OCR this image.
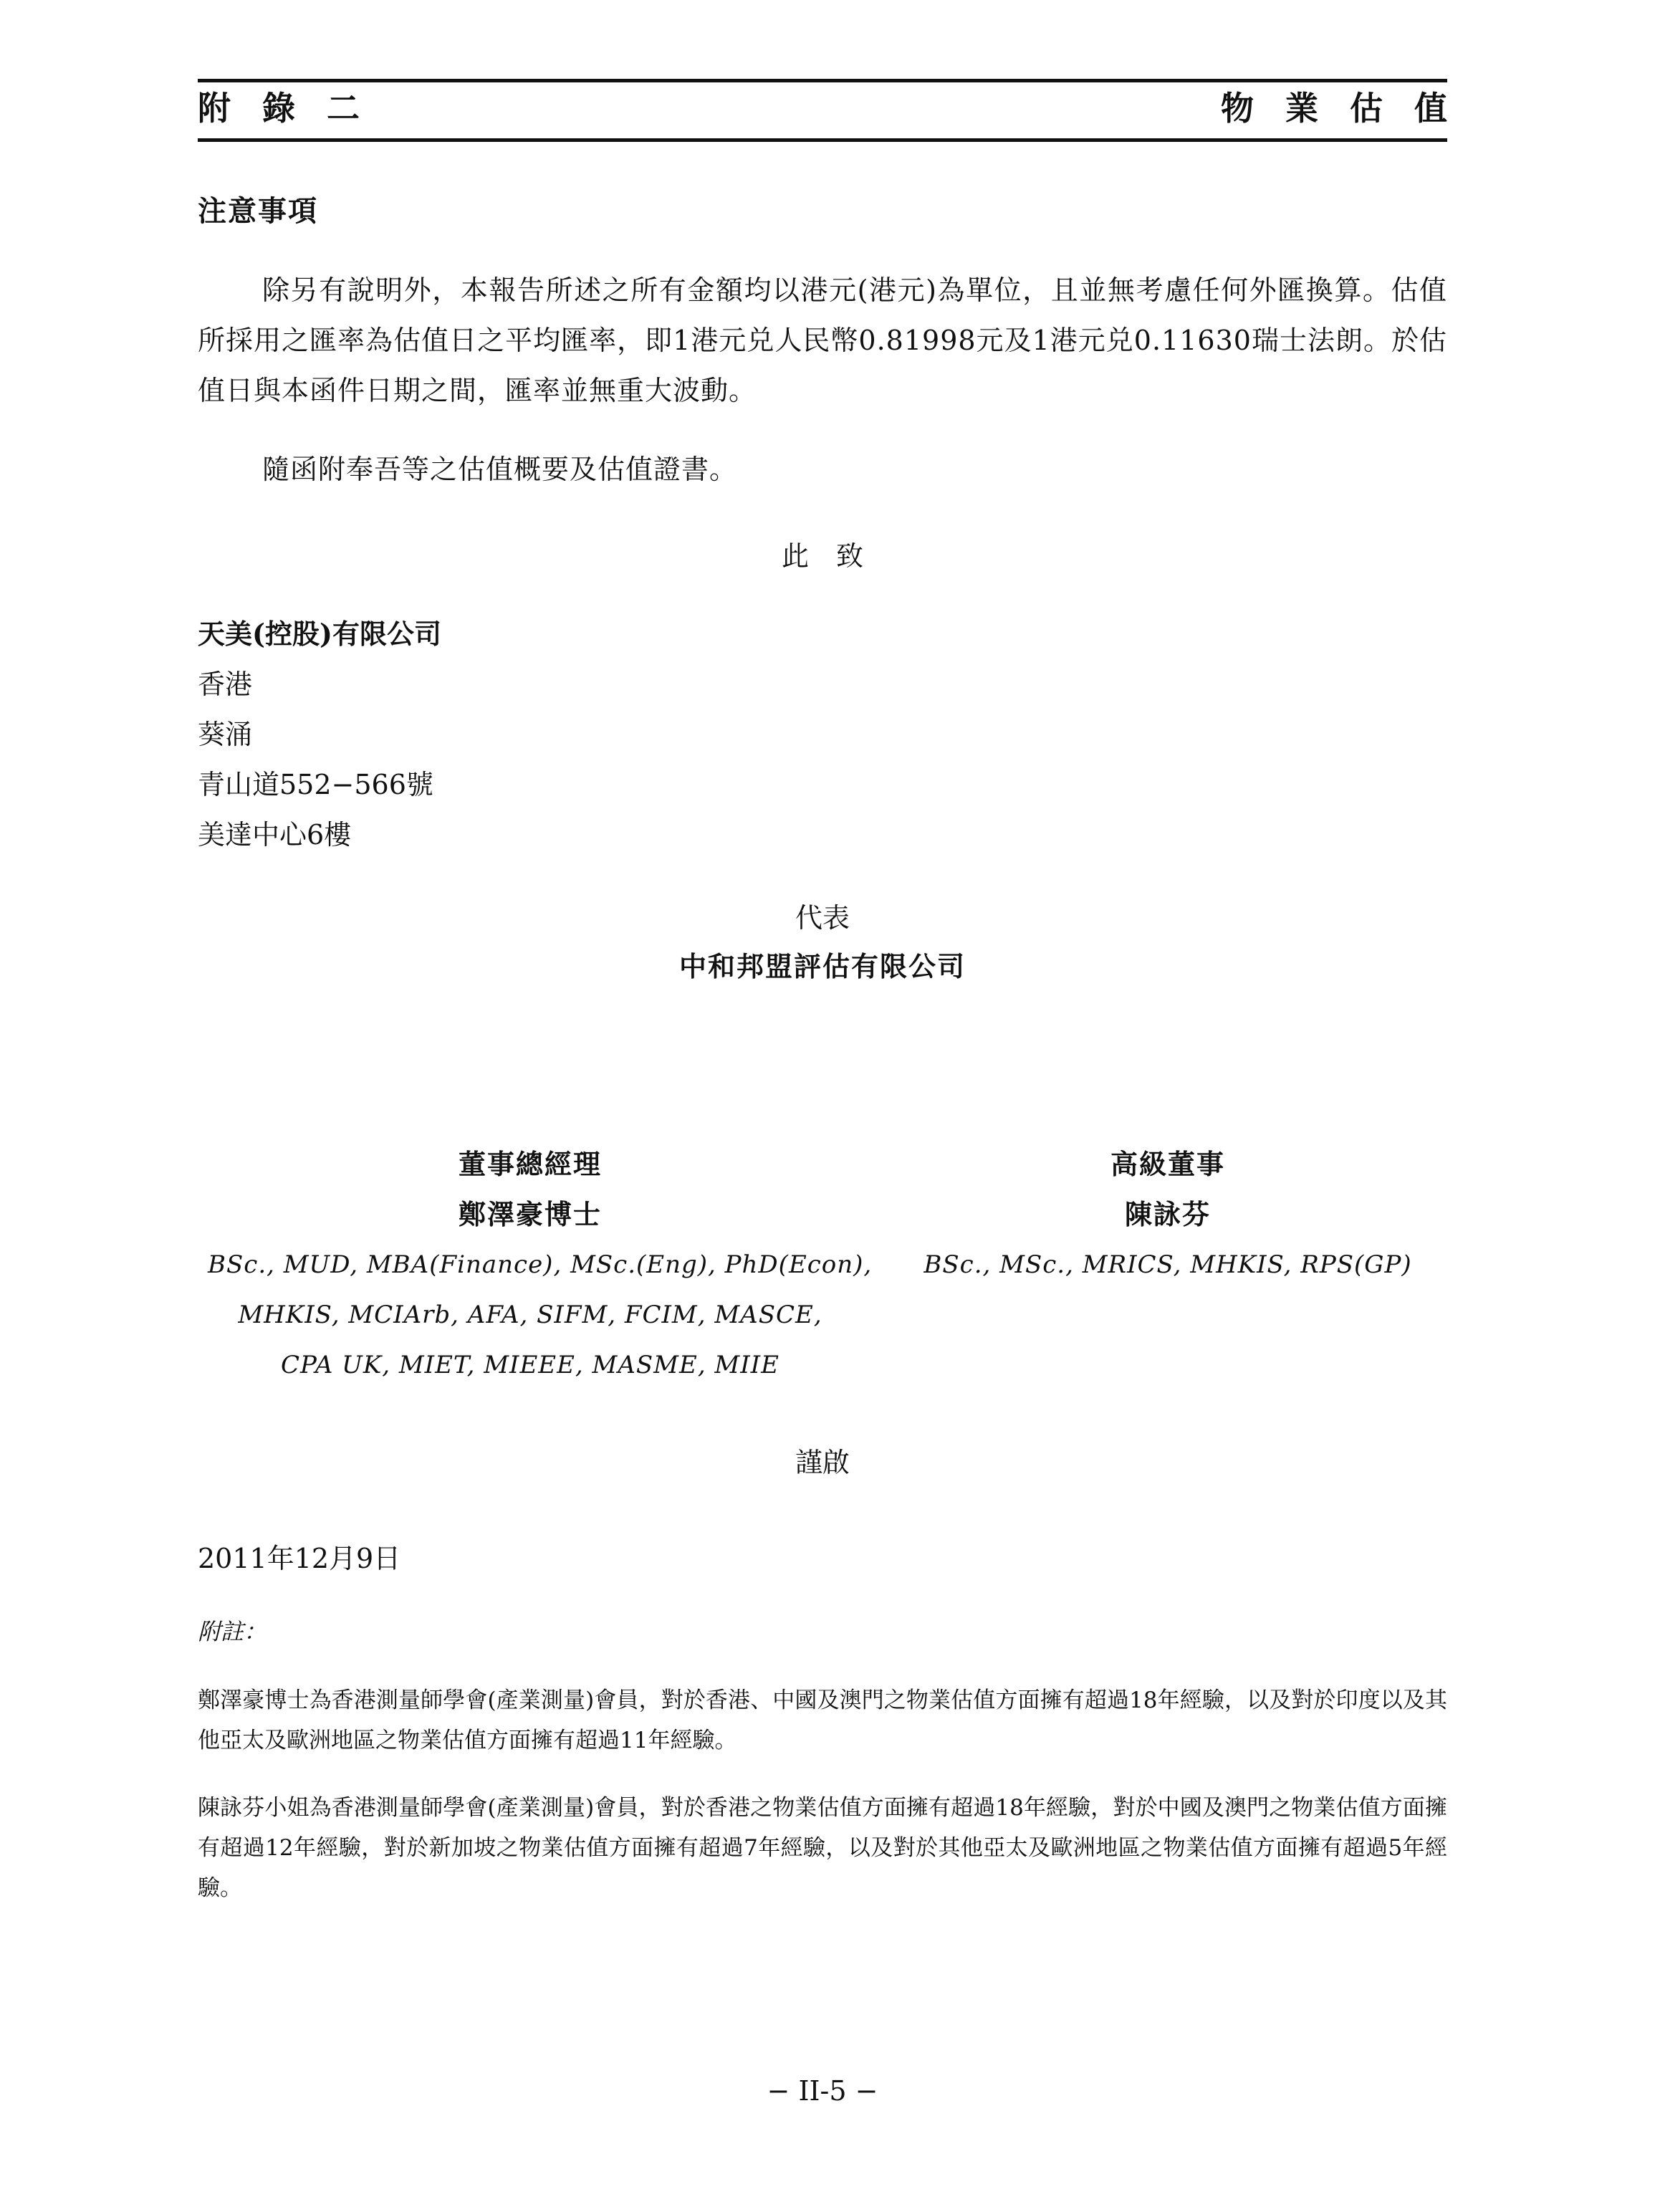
附 錄 二	物 業 估 值
注意事項
除另有說明外，本報告所述之所有金額均以港元(港元)為單位，且並無考慮任何外匯換算。估值所採用之匯率為估值日之平均匯率，即1港元兑人民幣0.81998元及1港元兑0.11630瑞士法朗。於估值日與本函件日期之間，匯率並無重大波動。
隨函附奉吾等之估值概要及估值證書。
此　致
天美(控股)有限公司
香港
葵涌
青山道552−566號
美達中心6樓
代表
中和邦盟評估有限公司
董事總經理
鄭澤豪博士
BSc., MUD, MBA(Finance), MSc.(Eng), PhD(Econ),
MHKIS, MCIArb, AFA, SIFM, FCIM, MASCE,
CPA UK, MIET, MIEEE, MASME, MIIE
高級董事
陳詠芬
BSc., MSc., MRICS, MHKIS, RPS(GP)
謹啟
2011年12月9日
附註：
鄭澤豪博士為香港測量師學會(產業測量)會員，對於香港、中國及澳門之物業估值方面擁有超過18年經驗，以及對於印度以及其他亞太及歐洲地區之物業估值方面擁有超過11年經驗。
陳詠芬小姐為香港測量師學會(產業測量)會員，對於香港之物業估值方面擁有超過18年經驗，對於中國及澳門之物業估值方面擁有超過12年經驗，對於新加坡之物業估值方面擁有超過7年經驗，以及對於其他亞太及歐洲地區之物業估值方面擁有超過5年經驗。
− II-5 −
